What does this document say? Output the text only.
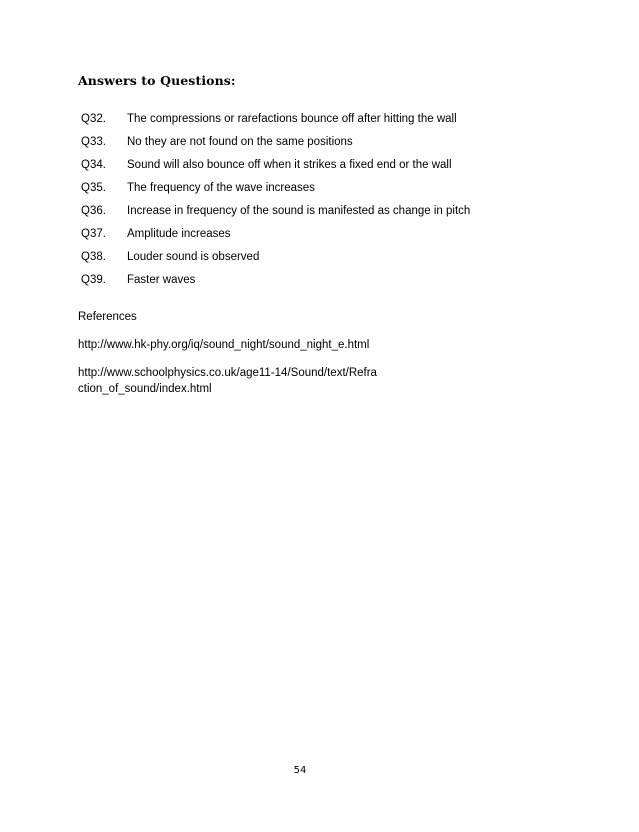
Answers to Questions:
Q32.	The compressions or rarefactions bounce off after hitting the wall
Q33.	No they are not found on the same positions
Q34.	Sound will also bounce off when it strikes a fixed end or the wall
Q35.	The frequency of the wave increases
Q36.	Increase in frequency of the sound is manifested as change in pitch
Q37.	Amplitude increases
Q38.	Louder sound is observed
Q39.	Faster waves
References
http://www.hk-phy.org/iq/sound_night/sound_night_e.html
http://www.schoolphysics.co.uk/age11-14/Sound/text/Refraction_of_sound/index.html
54
